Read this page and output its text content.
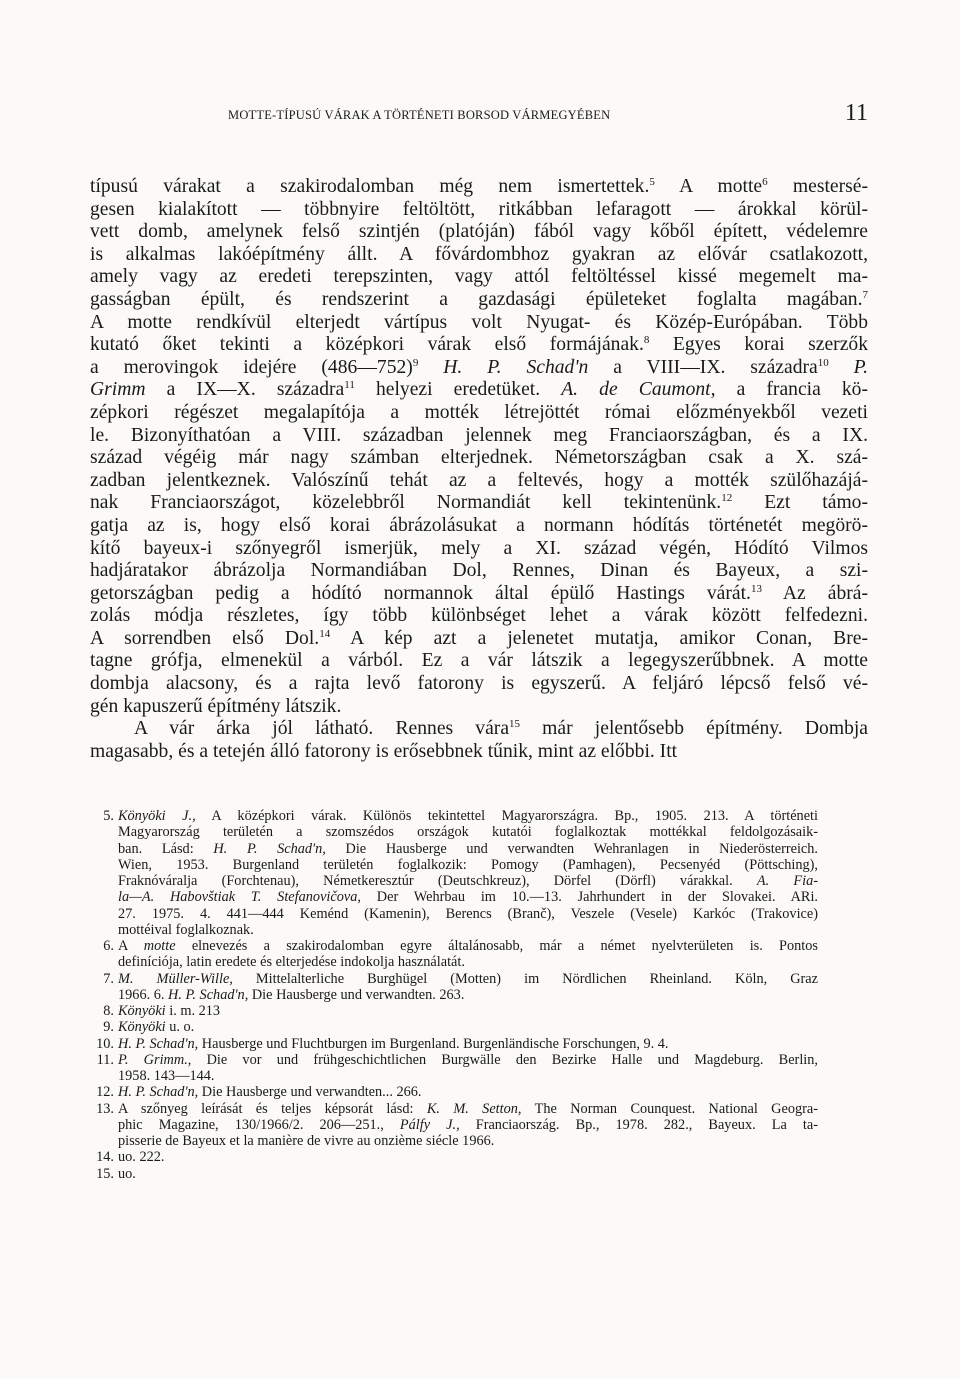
MOTTE-TÍPUSÚ VÁRAK A TÖRTÉNETI BORSOD VÁRMEGYÉBEN	11

típusú várakat a szakirodalomban még nem ismertettek.$^5$ A motte$^6$ mestersé-
gesen kialakított — többnyire feltöltött, ritkábban lefaragott — árokkal körül-
vett domb, amelynek felső szintjén (platóján) fából vagy kőből épített, védelemre
is alkalmas lakóépítmény állt. A fővárdombhoz gyakran az elővár csatlakozott,
amely vagy az eredeti terepszinten, vagy attól feltöltéssel kissé megemelt ma-
gasságban épült, és rendszerint a gazdasági épületeket foglalta magában.$^7$
A motte rendkívül elterjedt vártípus volt Nyugat- és Közép-Európában. Több
kutató őket tekinti a középkori várak első formájának.$^8$ Egyes korai szerzők
a merovingok idejére (486—752)$^9$ H. P. Schad'n a VIII—IX. századra$^{10}$ P.
Grimm a IX—X. századra$^{11}$ helyezi eredetüket. A. de Caumont, a francia kö-
zépkori régészet megalapítója a motték létrejöttét római előzményekből vezeti
le. Bizonyíthatóan a VIII. században jelennek meg Franciaországban, és a IX.
század végéig már nagy számban elterjednek. Németországban csak a X. szá-
zadban jelentkeznek. Valószínű tehát az a feltevés, hogy a motték szülőhazájá-
nak Franciaországot, közelebbről Normandiát kell tekintenünk.$^{12}$ Ezt támo-
gatja az is, hogy első korai ábrázolásukat a normann hódítás történetét megörö-
kítő bayeux-i szőnyegről ismerjük, mely a XI. század végén, Hódító Vilmos
hadjáratakor ábrázolja Normandiában Dol, Rennes, Dinan és Bayeux, a szi-
getországban pedig a hódító normannok által épülő Hastings várát.$^{13}$ Az ábrá-
zolás módja részletes, így több különbséget lehet a várak között felfedezni.
A sorrendben első Dol.$^{14}$ A kép azt a jelenetet mutatja, amikor Conan, Bre-
tagne grófja, elmenekül a várból. Ez a vár látszik a legegyszerűbbnek. A motte
dombja alacsony, és a rajta levő fatorony is egyszerű. A feljáró lépcső felső vé-
gén kapuszerű építmény látszik.

A vár árka jól látható. Rennes vára$^{15}$ már jelentősebb építmény. Dombja
magasabb, és a tetején álló fatorony is erősebbnek tűnik, mint az előbbi. Itt

5. Könyöki J., A középkori várak. Különös tekintettel Magyarországra. Bp., 1905. 213. A történeti
Magyarország területén a szomszédos országok kutatói foglalkoztak mottékkal feldolgozásaik-
ban. Lásd: H. P. Schad'n, Die Hausberge und verwandten Wehranlagen in Niederösterreich.
Wien, 1953. Burgenland területén foglalkozik: Pomogy (Pamhagen), Pecsenyéd (Pöttsching),
Fraknóváralja (Forchtenau), Németkeresztúr (Deutschkreuz), Dörfel (Dörfl) várakkal. A. Fia-
la—A. Habovštiak T. Stefanovičova, Der Wehrbau im 10.—13. Jahrhundert in der Slovakei. ARi.
27. 1975. 4. 441—444 Keménd (Kamenin), Berencs (Branč), Veszele (Vesele) Karkóc (Trakovice)
mottéival foglalkoznak.
6. A motte elnevezés a szakirodalomban egyre általánosabb, már a német nyelvterületen is. Pontos
definíciója, latin eredete és elterjedése indokolja használatát.
7. M. Müller-Wille, Mittelalterliche Burghügel (Motten) im Nördlichen Rheinland. Köln, Graz
1966. 6. H. P. Schad'n, Die Hausberge und verwandten. 263.
8. Könyöki i. m. 213
9. Könyöki u. o.
10. H. P. Schad'n, Hausberge und Fluchtburgen im Burgenland. Burgenländische Forschungen, 9. 4.
11. P. Grimm., Die vor und frühgeschichtlichen Burgwälle den Bezirke Halle und Magdeburg. Berlin,
1958. 143—144.
12. H. P. Schad'n, Die Hausberge und verwandten... 266.
13. A szőnyeg leírását és teljes képsorát lásd: K. M. Setton, The Norman Counquest. National Geogra-
phic Magazine, 130/1966/2. 206—251., Pálfy J., Franciaország. Bp., 1978. 282., Bayeux. La ta-
pisserie de Bayeux et la manière de vivre au onzième siécle 1966.
14. uo. 222.
15. uo.
